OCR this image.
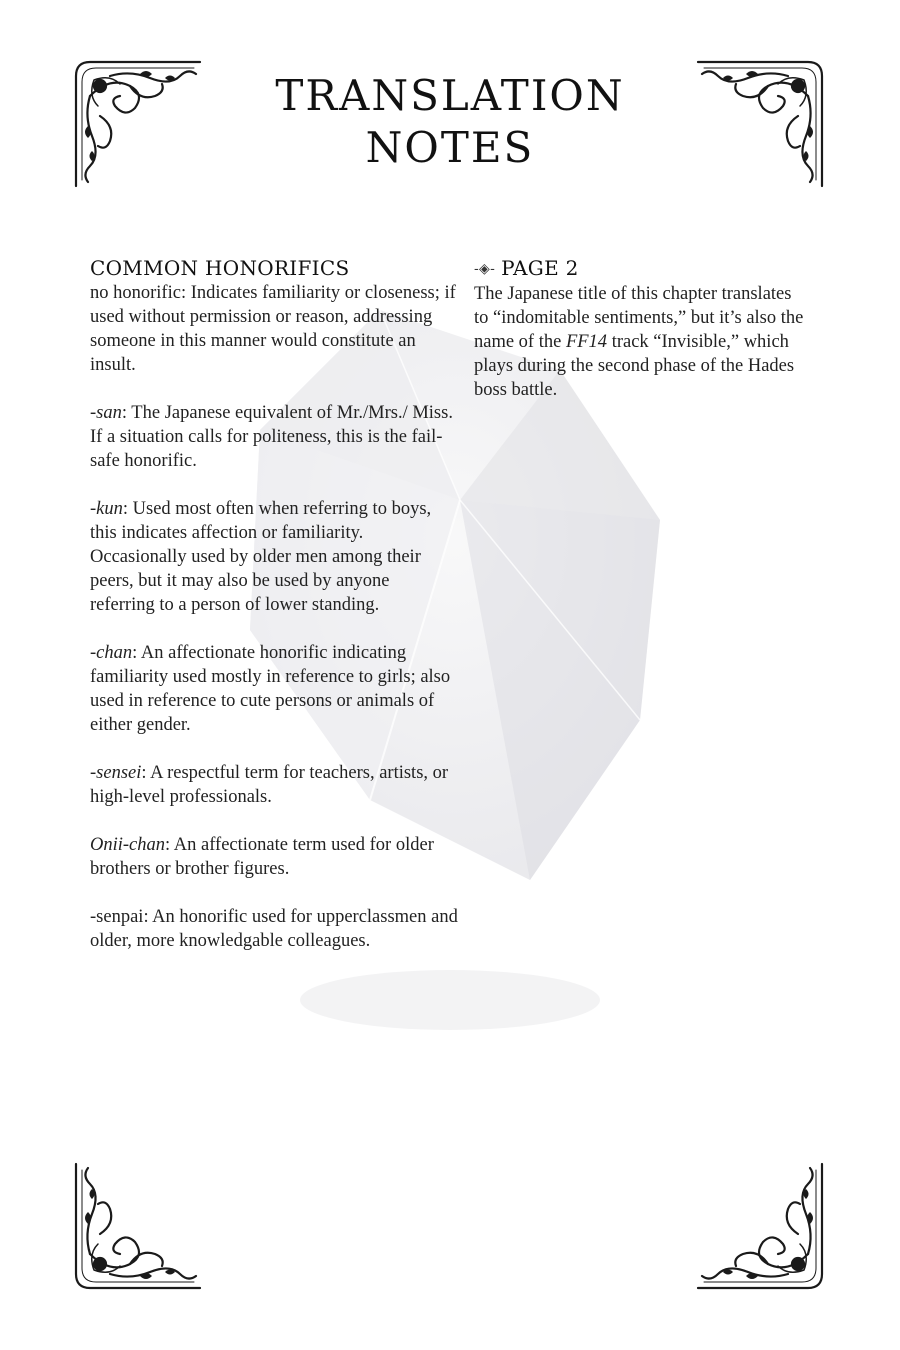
TRANSLATION
NOTES
COMMON HONORIFICS

no honorific: Indicates familiarity or closeness; if used without permission or reason, addressing someone in this manner would constitute an insult.

-san: The Japanese equivalent of Mr./Mrs./ Miss. If a situation calls for politeness, this is the fail-safe honorific.

-kun: Used most often when referring to boys, this indicates affection or familiarity. Occasionally used by older men among their peers, but it may also be used by anyone referring to a person of lower standing.

-chan: An affectionate honorific indicating familiarity used mostly in reference to girls; also used in reference to cute persons or animals of either gender.

-sensei: A respectful term for teachers, artists, or high-level professionals.

Onii-chan: An affectionate term used for older brothers or brother figures.

-senpai: An honorific used for upperclassmen and older, more knowledgable colleagues.

-◈- PAGE 2

The Japanese title of this chapter translates to “indomitable sentiments,” but it’s also the name of the FF14 track “Invisible,” which plays during the second phase of the Hades boss battle.
